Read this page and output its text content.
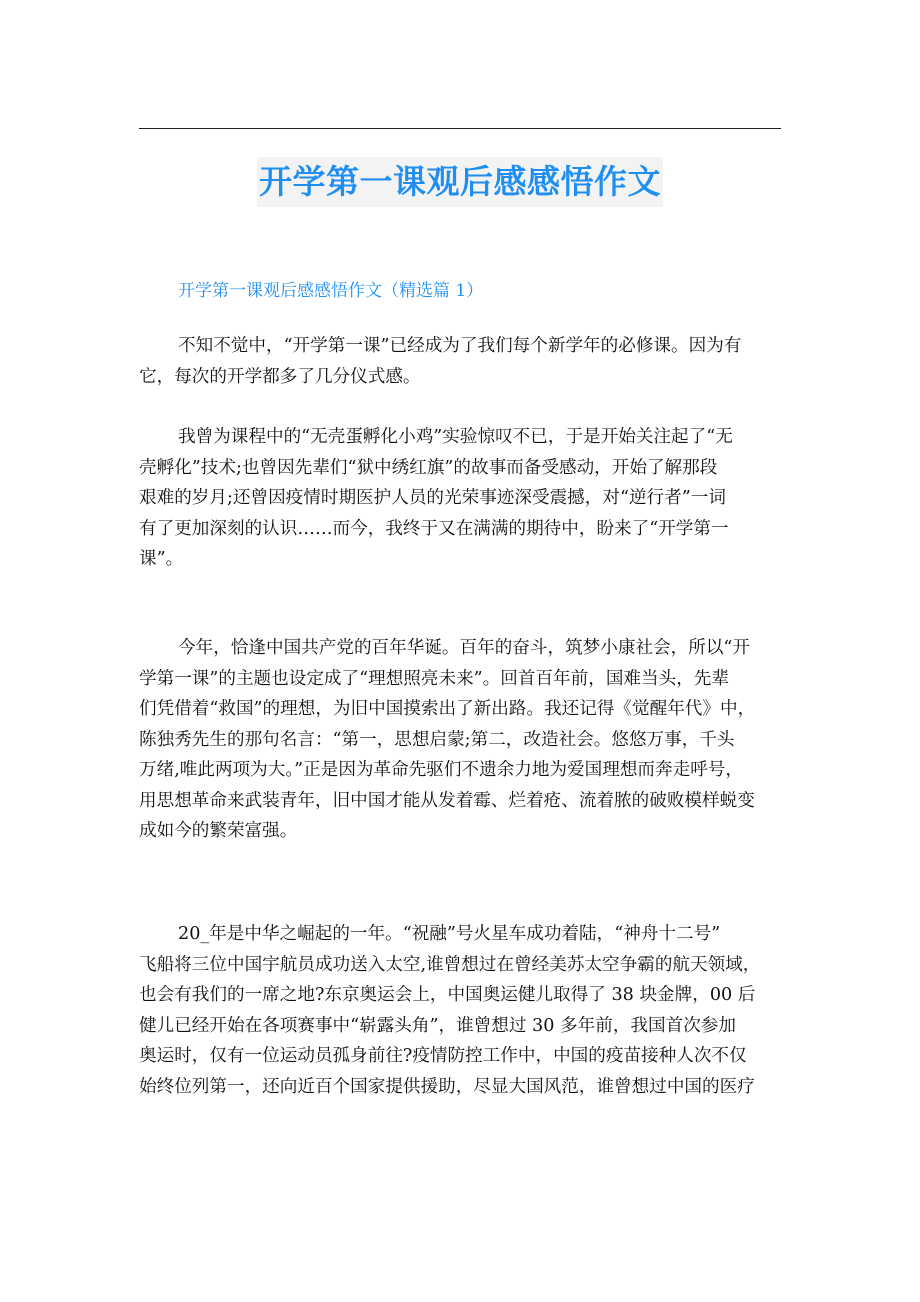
开学第一课观后感感悟作文
开学第一课观后感感悟作文（精选篇 1）
不知不觉中，“开学第一课”已经成为了我们每个新学年的必修课。因为有
它，每次的开学都多了几分仪式感。
我曾为课程中的“无壳蛋孵化小鸡”实验惊叹不已，于是开始关注起了“无
壳孵化”技术;也曾因先辈们“狱中绣红旗”的故事而备受感动，开始了解那段
艰难的岁月;还曾因疫情时期医护人员的光荣事迹深受震撼，对“逆行者”一词
有了更加深刻的认识……而今，我终于又在满满的期待中，盼来了“开学第一
课”。
今年，恰逢中国共产党的百年华诞。百年的奋斗，筑梦小康社会，所以“开
学第一课”的主题也设定成了“理想照亮未来”。回首百年前，国难当头，先辈
们凭借着“救国”的理想，为旧中国摸索出了新出路。我还记得《觉醒年代》中，
陈独秀先生的那句名言：“第一，思想启蒙;第二，改造社会。悠悠万事，千头
万绪,唯此两项为大。”正是因为革命先驱们不遗余力地为爱国理想而奔走呼号，
用思想革命来武装青年，旧中国才能从发着霉、烂着疮、流着脓的破败模样蜕变
成如今的繁荣富强。
20_年是中华之崛起的一年。“祝融”号火星车成功着陆，“神舟十二号”
飞船将三位中国宇航员成功送入太空,谁曾想过在曾经美苏太空争霸的航天领域，
也会有我们的一席之地?东京奥运会上，中国奥运健儿取得了 38 块金牌，00 后
健儿已经开始在各项赛事中“崭露头角”，谁曾想过 30 多年前，我国首次参加
奥运时，仅有一位运动员孤身前往?疫情防控工作中，中国的疫苗接种人次不仅
始终位列第一，还向近百个国家提供援助，尽显大国风范，谁曾想过中国的医疗
